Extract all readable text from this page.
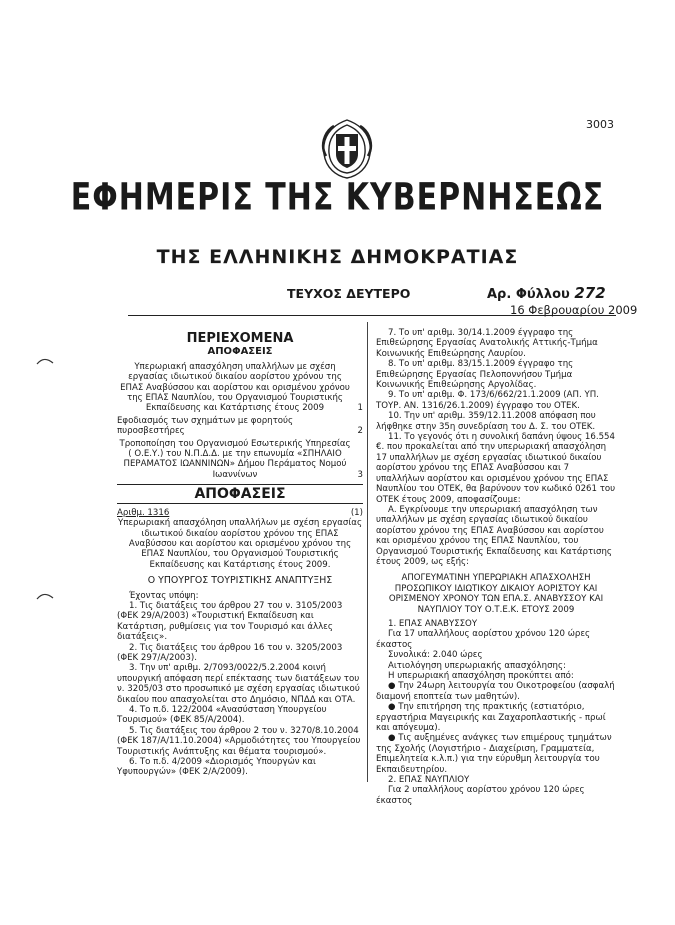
3003
ΕΦΗΜΕΡΙΣ ΤΗΣ ΚΥΒΕΡΝΗΣΕΩΣ
ΤΗΣ ΕΛΛΗΝΙΚΗΣ ΔΗΜΟΚΡΑΤΙΑΣ
ΤΕΥΧΟΣ ΔΕΥΤΕΡΟ	Αρ. Φύλλου 272
16 Φεβρουαρίου 2009
ΠΕΡΙΕΧΟΜΕΝΑ
ΑΠΟΦΑΣΕΙΣ

Υπερωριακή απασχόληση υπαλλήλων με σχέση εργασίας ιδιωτικού δικαίου αορίστου χρόνου της ΕΠΑΣ Αναβύσσου και αορίστου και ορισμένου χρόνου της ΕΠΑΣ Ναυπλίου, του Οργανισμού Τουριστικής Εκπαίδευσης και Κατάρτισης έτους 2009	1

Εφοδιασμός των σχημάτων με φορητούς πυροσβεστήρες	2

Τροποποίηση του Οργανισμού Εσωτερικής Υπηρεσίας ( Ο.Ε.Υ.) του Ν.Π.Δ.Δ. με την επωνυμία «ΣΠΗΛΑΙΟ ΠΕΡΑΜΑΤΟΣ ΙΩΑΝΝΙΝΩΝ» Δήμου Περάματος Νομού Ιωαννίνων	3
ΑΠΟΦΑΣΕΙΣ
Αριθμ. 1316	(1)

Υπερωριακή απασχόληση υπαλλήλων με σχέση εργασίας ιδιωτικού δικαίου αορίστου χρόνου της ΕΠΑΣ Αναβύσσου και αορίστου και ορισμένου χρόνου της ΕΠΑΣ Ναυπλίου, του Οργανισμού Τουριστικής Εκπαίδευσης και Κατάρτισης έτους 2009.

Ο ΥΠΟΥΡΓΟΣ ΤΟΥΡΙΣΤΙΚΗΣ ΑΝΑΠΤΥΞΗΣ

Έχοντας υπόψη:

1. Τις διατάξεις του άρθρου 27 του ν. 3105/2003 (ΦΕΚ 29/Α/2003) «Τουριστική Εκπαίδευση και Κατάρτιση, ρυθμίσεις για τον Τουρισμό και άλλες διατάξεις».

2. Τις διατάξεις του άρθρου 16 του ν. 3205/2003 (ΦΕΚ 297/Α/2003).

3. Την υπ' αριθμ. 2/7093/0022/5.2.2004 κοινή υπουργική απόφαση περί επέκτασης των διατάξεων του ν. 3205/03 στο προσωπικό με σχέση εργασίας ιδιωτικού δικαίου που απασχολείται στο Δημόσιο, ΝΠΔΔ και ΟΤΑ.

4. Το π.δ. 122/2004 «Ανασύσταση Υπουργείου Τουρισμού» (ΦΕΚ 85/Α/2004).

5. Τις διατάξεις του άρθρου 2 του ν. 3270/8.10.2004 (ΦΕΚ 187/Α/11.10.2004) «Αρμοδιότητες του Υπουργείου Τουριστικής Ανάπτυξης και θέματα τουρισμού».

6. Το π.δ. 4/2009 «Διορισμός Υπουργών και Υφυπουργών» (ΦΕΚ 2/Α/2009).

7. Το υπ' αριθμ. 30/14.1.2009 έγγραφο της Επιθεώρησης Εργασίας Ανατολικής Αττικής-Τμήμα Κοινωνικής Επιθεώρησης Λαυρίου.

8. Το υπ' αριθμ. 83/15.1.2009 έγγραφο της Επιθεώρησης Εργασίας Πελοποννήσου Τμήμα Κοινωνικής Επιθεώρησης Αργολίδας.

9. Το υπ' αριθμ. Φ. 173/6/662/21.1.2009 (ΑΠ. ΥΠ. ΤΟΥΡ. ΑΝ. 1316/26.1.2009) έγγραφο του ΟΤΕΚ.

10. Την υπ' αριθμ. 359/12.11.2008 απόφαση που λήφθηκε στην 35η συνεδρίαση του Δ. Σ. του ΟΤΕΚ.

11. Το γεγονός ότι η συνολική δαπάνη ύψους 16.554 €. που προκαλείται από την υπερωριακή απασχόληση 17 υπαλλήλων με σχέση εργασίας ιδιωτικού δικαίου αορίστου χρόνου της ΕΠΑΣ Αναβύσσου και 7 υπαλλήλων αορίστου και ορισμένου χρόνου της ΕΠΑΣ Ναυπλίου του ΟΤΕΚ, θα βαρύνουν τον κωδικό 0261 του ΟΤΕΚ έτους 2009, αποφασίζουμε:

Α. Εγκρίνουμε την υπερωριακή απασχόληση των υπαλλήλων με σχέση εργασίας ιδιωτικού δικαίου αορίστου χρόνου της ΕΠΑΣ Αναβύσσου και αορίστου και ορισμένου χρόνου της ΕΠΑΣ Ναυπλίου, του Οργανισμού Τουριστικής Εκπαίδευσης και Κατάρτισης έτους 2009, ως εξής:

ΑΠΟΓΕΥΜΑΤΙΝΗ ΥΠΕΡΩΡΙΑΚΗ ΑΠΑΣΧΟΛΗΣΗ ΠΡΟΣΩΠΙΚΟΥ ΙΔΙΩΤΙΚΟΥ ΔΙΚΑΙΟΥ ΑΟΡΙΣΤΟΥ ΚΑΙ ΟΡΙΣΜΕΝΟΥ ΧΡΟΝΟΥ ΤΩΝ ΕΠΑ.Σ. ΑΝΑΒΥΣΣΟΥ ΚΑΙ ΝΑΥΠΛΙΟΥ ΤΟΥ Ο.Τ.Ε.Κ. ΕΤΟΥΣ 2009

1. ΕΠΑΣ ΑΝΑΒΥΣΣΟΥ

Για 17 υπαλλήλους αορίστου χρόνου 120 ώρες έκαστος

Συνολικά: 2.040 ώρες

Αιτιολόγηση υπερωριακής απασχόλησης:

Η υπερωριακή απασχόληση προκύπτει από:

● Την 24ωρη λειτουργία του Οικοτροφείου (ασφαλή διαμονή εποπτεία των μαθητών).

● Την επιτήρηση της πρακτικής (εστιατόριο, εργαστήρια Μαγειρικής και Ζαχαροπλαστικής - πρωί και απόγευμα).

● Τις αυξημένες ανάγκες των επιμέρους τμημάτων της Σχολής (Λογιστήριο - Διαχείριση, Γραμματεία, Επιμελητεία κ.λ.π.) για την εύρυθμη λειτουργία του Εκπαιδευτηρίου.

2. ΕΠΑΣ ΝΑΥΠΛΙΟΥ

Για 2 υπαλλήλους αορίστου χρόνου 120 ώρες έκαστος
